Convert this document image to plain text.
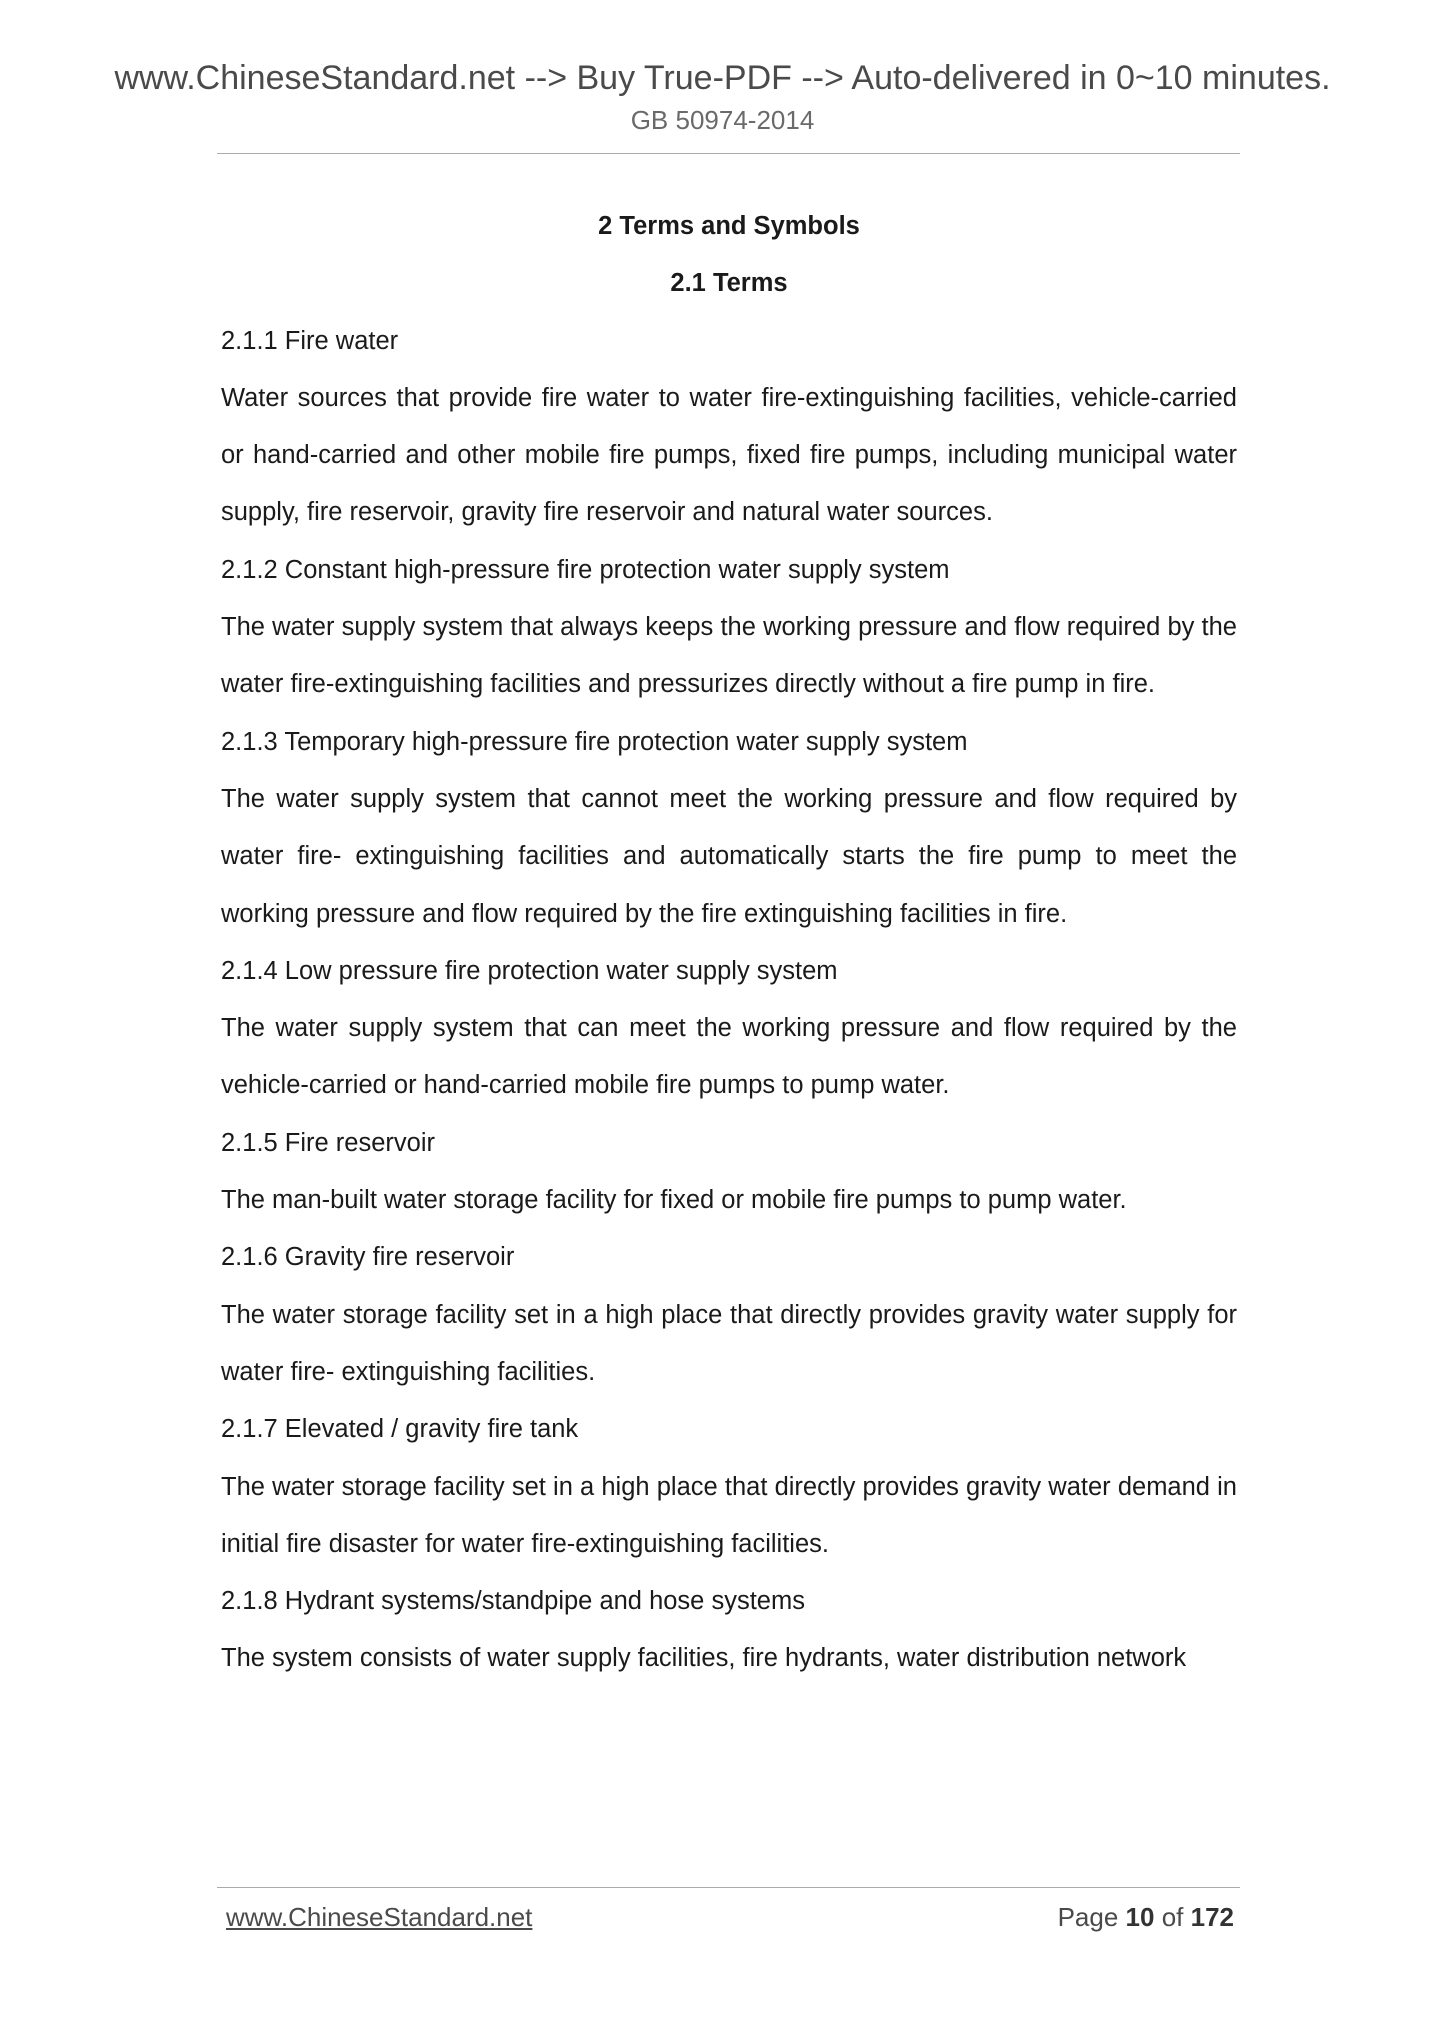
www.ChineseStandard.net --> Buy True-PDF --> Auto-delivered in 0~10 minutes.
GB 50974-2014

2 Terms and Symbols

2.1 Terms

2.1.1 Fire water

Water sources that provide fire water to water fire-extinguishing facilities, vehicle-carried or hand-carried and other mobile fire pumps, fixed fire pumps, including municipal water supply, fire reservoir, gravity fire reservoir and natural water sources.

2.1.2 Constant high-pressure fire protection water supply system

The water supply system that always keeps the working pressure and flow required by the water fire-extinguishing facilities and pressurizes directly without a fire pump in fire.

2.1.3 Temporary high-pressure fire protection water supply system

The water supply system that cannot meet the working pressure and flow required by water fire- extinguishing facilities and automatically starts the fire pump to meet the working pressure and flow required by the fire extinguishing facilities in fire.

2.1.4 Low pressure fire protection water supply system

The water supply system that can meet the working pressure and flow required by the vehicle-carried or hand-carried mobile fire pumps to pump water.

2.1.5 Fire reservoir

The man-built water storage facility for fixed or mobile fire pumps to pump water.

2.1.6 Gravity fire reservoir

The water storage facility set in a high place that directly provides gravity water supply for water fire- extinguishing facilities.

2.1.7 Elevated / gravity fire tank

The water storage facility set in a high place that directly provides gravity water demand in initial fire disaster for water fire-extinguishing facilities.

2.1.8 Hydrant systems/standpipe and hose systems

The system consists of water supply facilities, fire hydrants, water distribution network

www.ChineseStandard.net	Page 10 of 172
